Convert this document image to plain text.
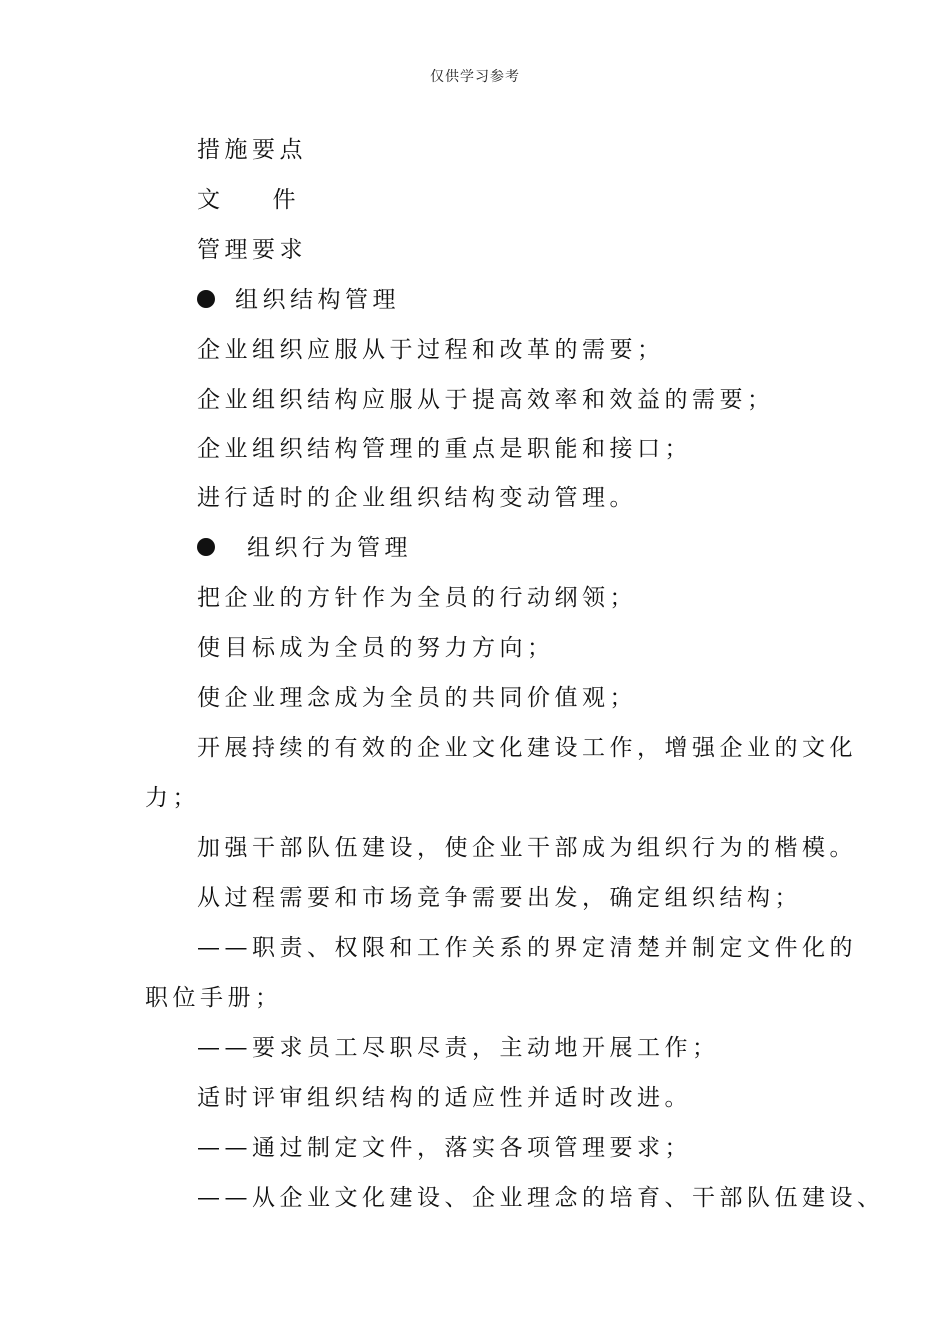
仅供学习参考
措施要点
文 件
管理要求
组织结构管理
企业组织应服从于过程和改革的需要；
企业组织结构应服从于提高效率和效益的需要；
企业组织结构管理的重点是职能和接口；
进行适时的企业组织结构变动管理。
组织行为管理
把企业的方针作为全员的行动纲领；
使目标成为全员的努力方向；
使企业理念成为全员的共同价值观；
开展持续的有效的企业文化建设工作，增强企业的文化
力；
加强干部队伍建设，使企业干部成为组织行为的楷模。
从过程需要和市场竞争需要出发，确定组织结构；
——职责、权限和工作关系的界定清楚并制定文件化的
职位手册；
——要求员工尽职尽责，主动地开展工作；
适时评审组织结构的适应性并适时改进。
——通过制定文件，落实各项管理要求；
——从企业文化建设、企业理念的培育、干部队伍建设、
